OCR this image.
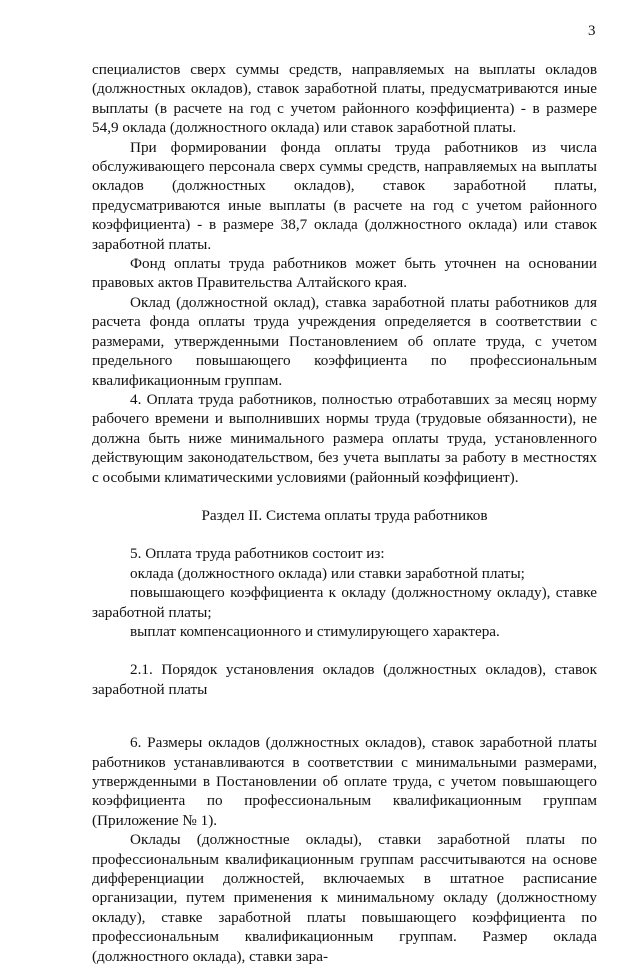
3

специалистов сверх суммы средств, направляемых на выплаты окладов (должностных окладов), ставок заработной платы, предусматриваются иные выплаты (в расчете на год с учетом районного коэффициента) - в размере 54,9 оклада (должностного оклада) или ставок заработной платы.

При формировании фонда оплаты труда работников из числа обслуживающего персонала сверх суммы средств, направляемых на выплаты окладов (должностных окладов), ставок заработной платы, предусматриваются иные выплаты (в расчете на год с учетом районного коэффициента) - в размере 38,7 оклада (должностного оклада) или ставок заработной платы.

Фонд оплаты труда работников может быть уточнен на основании правовых актов Правительства Алтайского края.

Оклад (должностной оклад), ставка заработной платы работников для расчета фонда оплаты труда учреждения определяется в соответствии с размерами, утвержденными Постановлением об оплате труда, с учетом предельного повышающего коэффициента по профессиональным квалификационным группам.

4. Оплата труда работников, полностью отработавших за месяц норму рабочего времени и выполнивших нормы труда (трудовые обязанности), не должна быть ниже минимального размера оплаты труда, установленного действующим законодательством, без учета выплаты за работу в местностях с особыми климатическими условиями (районный коэффициент).

Раздел II. Система оплаты труда работников

5. Оплата труда работников состоит из:

оклада (должностного оклада) или ставки заработной платы;

повышающего коэффициента к окладу (должностному окладу), ставке заработной платы;

выплат компенсационного и стимулирующего характера.

2.1. Порядок установления окладов (должностных окладов), ставок заработной платы

6. Размеры окладов (должностных окладов), ставок заработной платы работников устанавливаются в соответствии с минимальными размерами, утвержденными в Постановлении об оплате труда, с учетом повышающего коэффициента по профессиональным квалификационным группам (Приложение № 1).

Оклады (должностные оклады), ставки заработной платы по профессиональным квалификационным группам рассчитываются на основе дифференциации должностей, включаемых в штатное расписание организации, путем применения к минимальному окладу (должностному окладу), ставке заработной платы повышающего коэффициента по профессиональным квалификационным группам. Размер оклада (должностного оклада), ставки зара-
